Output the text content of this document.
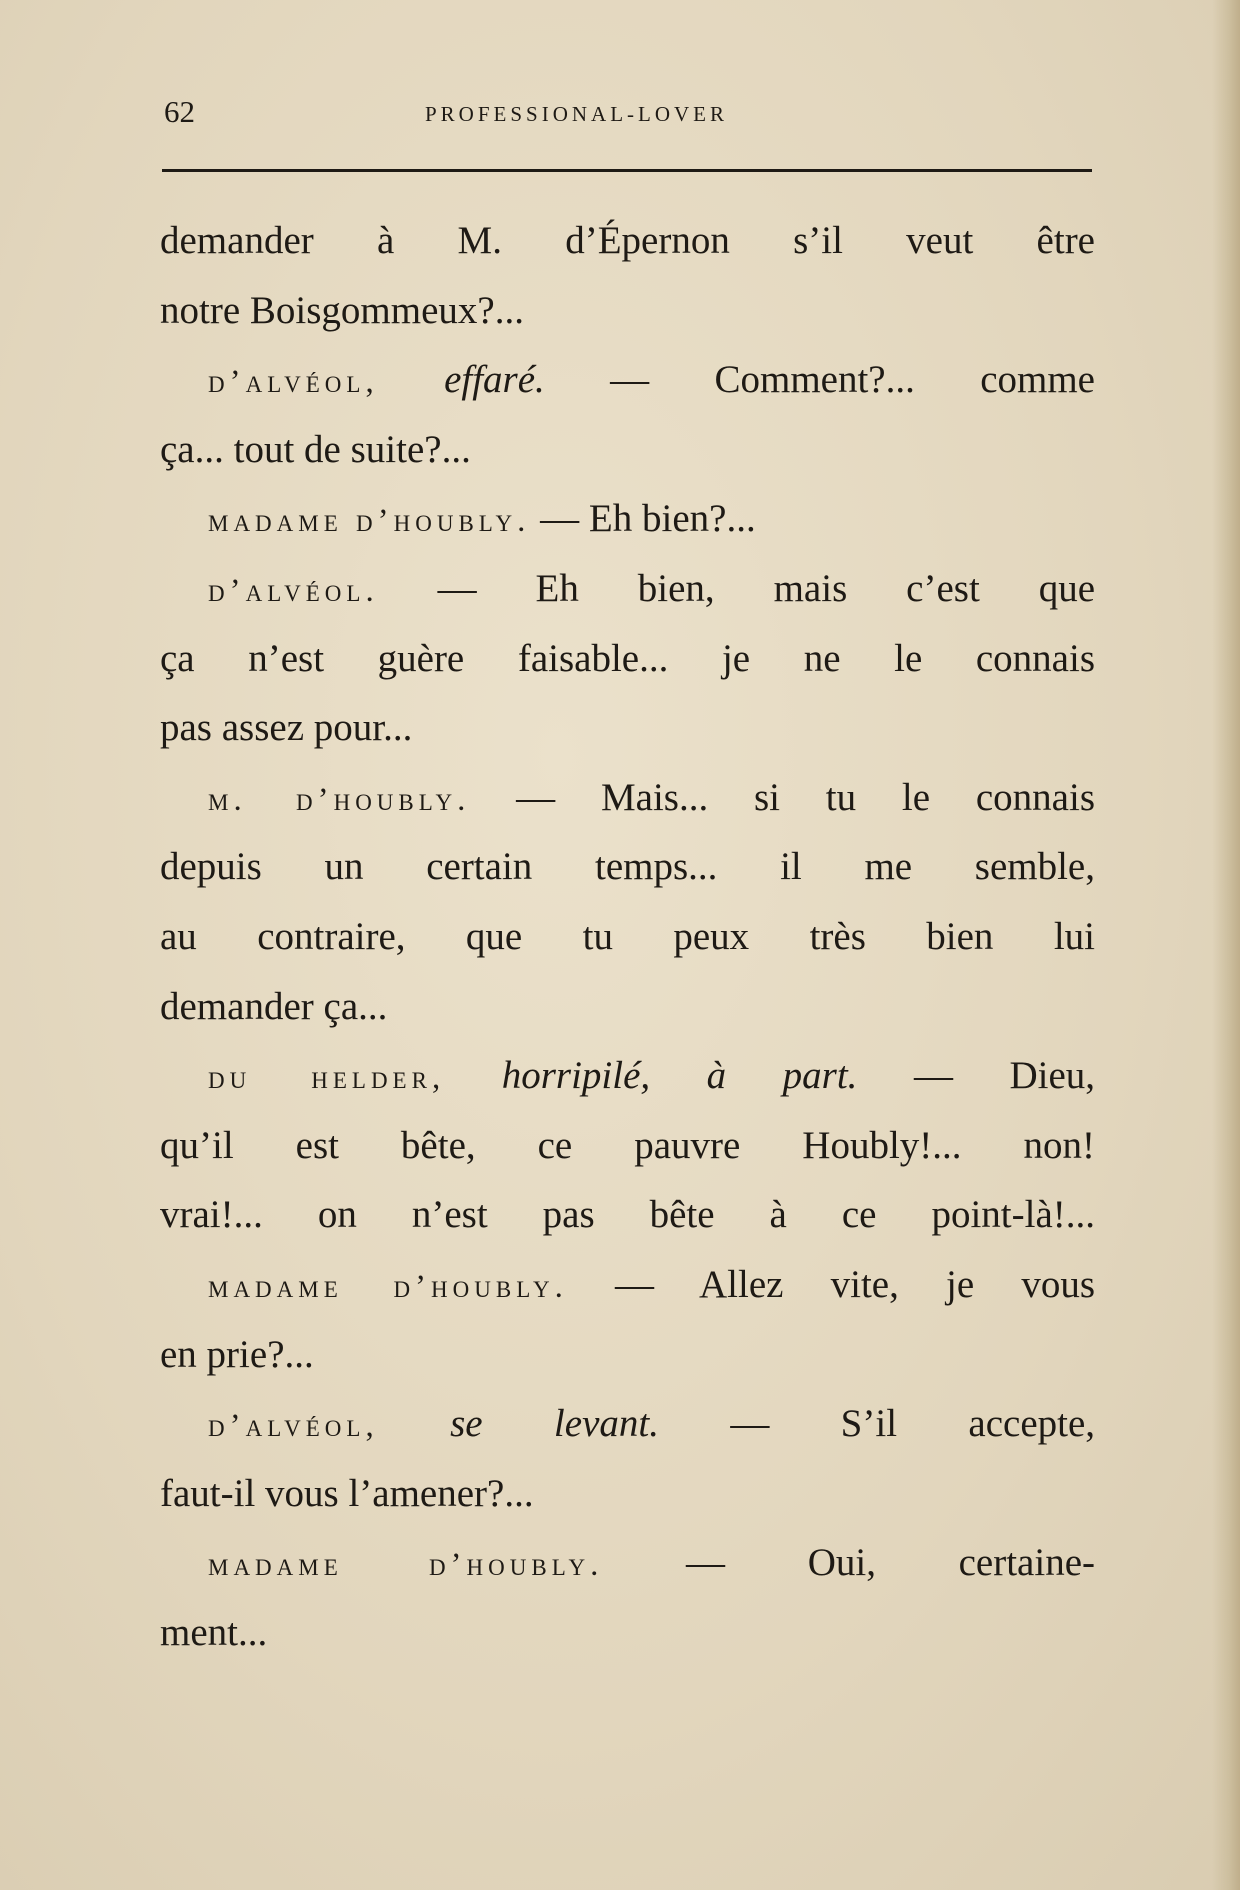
62	PROFESSIONAL-LOVER
demander à M. d’Épernon s’il veut être
notre Boisgommeux?...
d’alvéol, effaré. — Comment?... comme
ça... tout de suite?...
madame d’houbly. — Eh bien?...
d’alvéol. — Eh bien, mais c’est que
ça n’est guère faisable... je ne le connais
pas assez pour...
m. d’houbly. — Mais... si tu le connais
depuis un certain temps... il me semble,
au contraire, que tu peux très bien lui
demander ça...
du helder, horripilé, à part. — Dieu,
qu’il est bête, ce pauvre Houbly!... non!
vrai!... on n’est pas bête à ce point-là!...
madame d’houbly. — Allez vite, je vous
en prie?...
d’alvéol, se levant. — S’il accepte,
faut-il vous l’amener?...
madame d’houbly. — Oui, certaine-
ment...
